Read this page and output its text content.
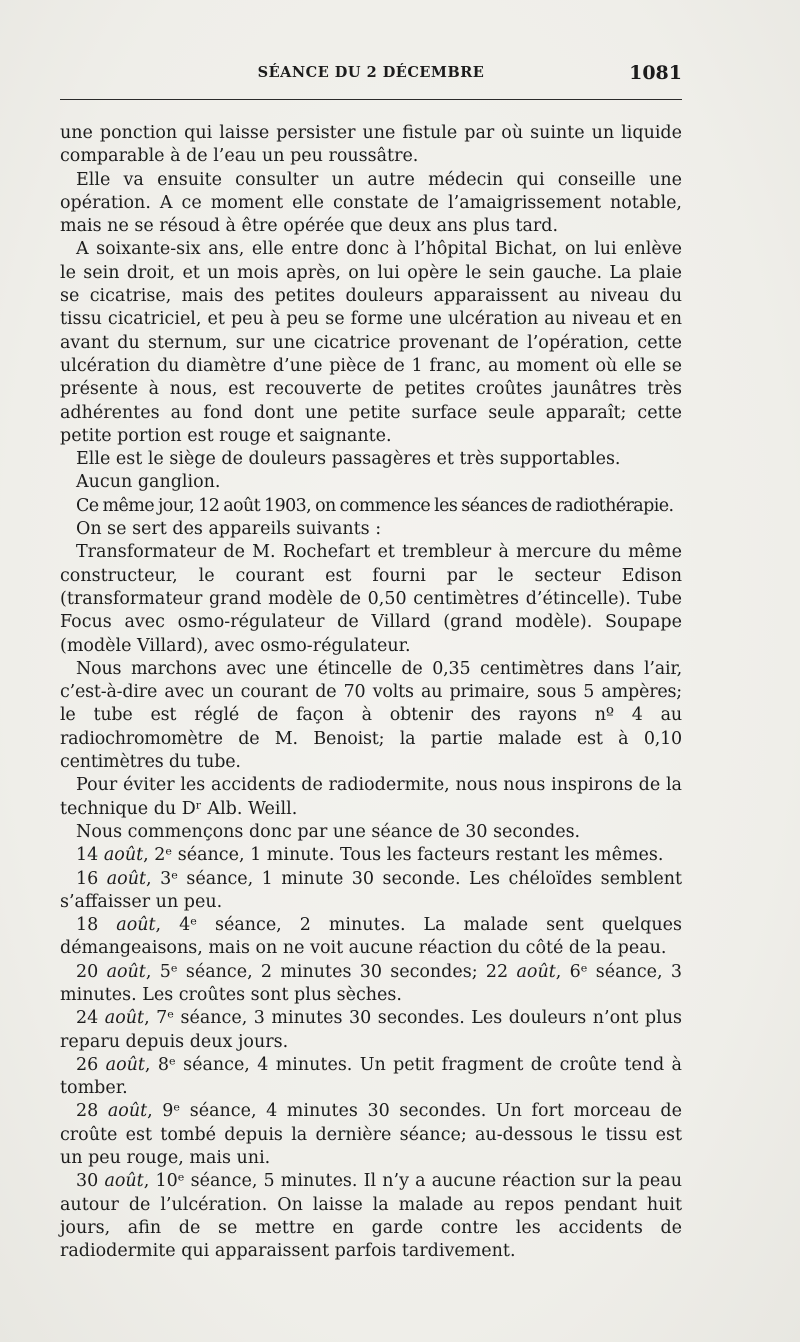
SÉANCE DU 2 DÉCEMBRE	1081

une ponction qui laisse persister une fistule par où suinte un liquide comparable à de l’eau un peu roussâtre.

Elle va ensuite consulter un autre médecin qui conseille une opération. A ce moment elle constate de l’amaigrissement notable, mais ne se résoud à être opérée que deux ans plus tard.

A soixante-six ans, elle entre donc à l’hôpital Bichat, on lui enlève le sein droit, et un mois après, on lui opère le sein gauche. La plaie se cicatrise, mais des petites douleurs apparaissent au niveau du tissu cicatriciel, et peu à peu se forme une ulcération au niveau et en avant du sternum, sur une cicatrice provenant de l’opération, cette ulcération du diamètre d’une pièce de 1 franc, au moment où elle se présente à nous, est recouverte de petites croûtes jaunâtres très adhérentes au fond dont une petite surface seule apparaît; cette petite portion est rouge et saignante.

Elle est le siège de douleurs passagères et très supportables.

Aucun ganglion.

Ce même jour, 12 août 1903, on commence les séances de radiothérapie.

On se sert des appareils suivants :

Transformateur de M. Rochefart et trembleur à mercure du même constructeur, le courant est fourni par le secteur Edison (transformateur grand modèle de 0,50 centimètres d’étincelle). Tube Focus avec osmo-régulateur de Villard (grand modèle). Soupape (modèle Villard), avec osmo-régulateur.

Nous marchons avec une étincelle de 0,35 centimètres dans l’air, c’est-à-dire avec un courant de 70 volts au primaire, sous 5 ampères; le tube est réglé de façon à obtenir des rayons nº 4 au radiochromomètre de M. Benoist; la partie malade est à 0,10 centimètres du tube.

Pour éviter les accidents de radiodermite, nous nous inspirons de la technique du Dʳ Alb. Weill.

Nous commençons donc par une séance de 30 secondes.

14 août, 2ᵉ séance, 1 minute. Tous les facteurs restant les mêmes.

16 août, 3ᵉ séance, 1 minute 30 seconde. Les chéloïdes semblent s’affaisser un peu.

18 août, 4ᵉ séance, 2 minutes. La malade sent quelques démangeaisons, mais on ne voit aucune réaction du côté de la peau.

20 août, 5ᵉ séance, 2 minutes 30 secondes; 22 août, 6ᵉ séance, 3 minutes. Les croûtes sont plus sèches.

24 août, 7ᵉ séance, 3 minutes 30 secondes. Les douleurs n’ont plus reparu depuis deux jours.

26 août, 8ᵉ séance, 4 minutes. Un petit fragment de croûte tend à tomber.

28 août, 9ᵉ séance, 4 minutes 30 secondes. Un fort morceau de croûte est tombé depuis la dernière séance; au-dessous le tissu est un peu rouge, mais uni.

30 août, 10ᵉ séance, 5 minutes. Il n’y a aucune réaction sur la peau autour de l’ulcération. On laisse la malade au repos pendant huit jours, afin de se mettre en garde contre les accidents de radiodermite qui apparaissent parfois tardivement.
